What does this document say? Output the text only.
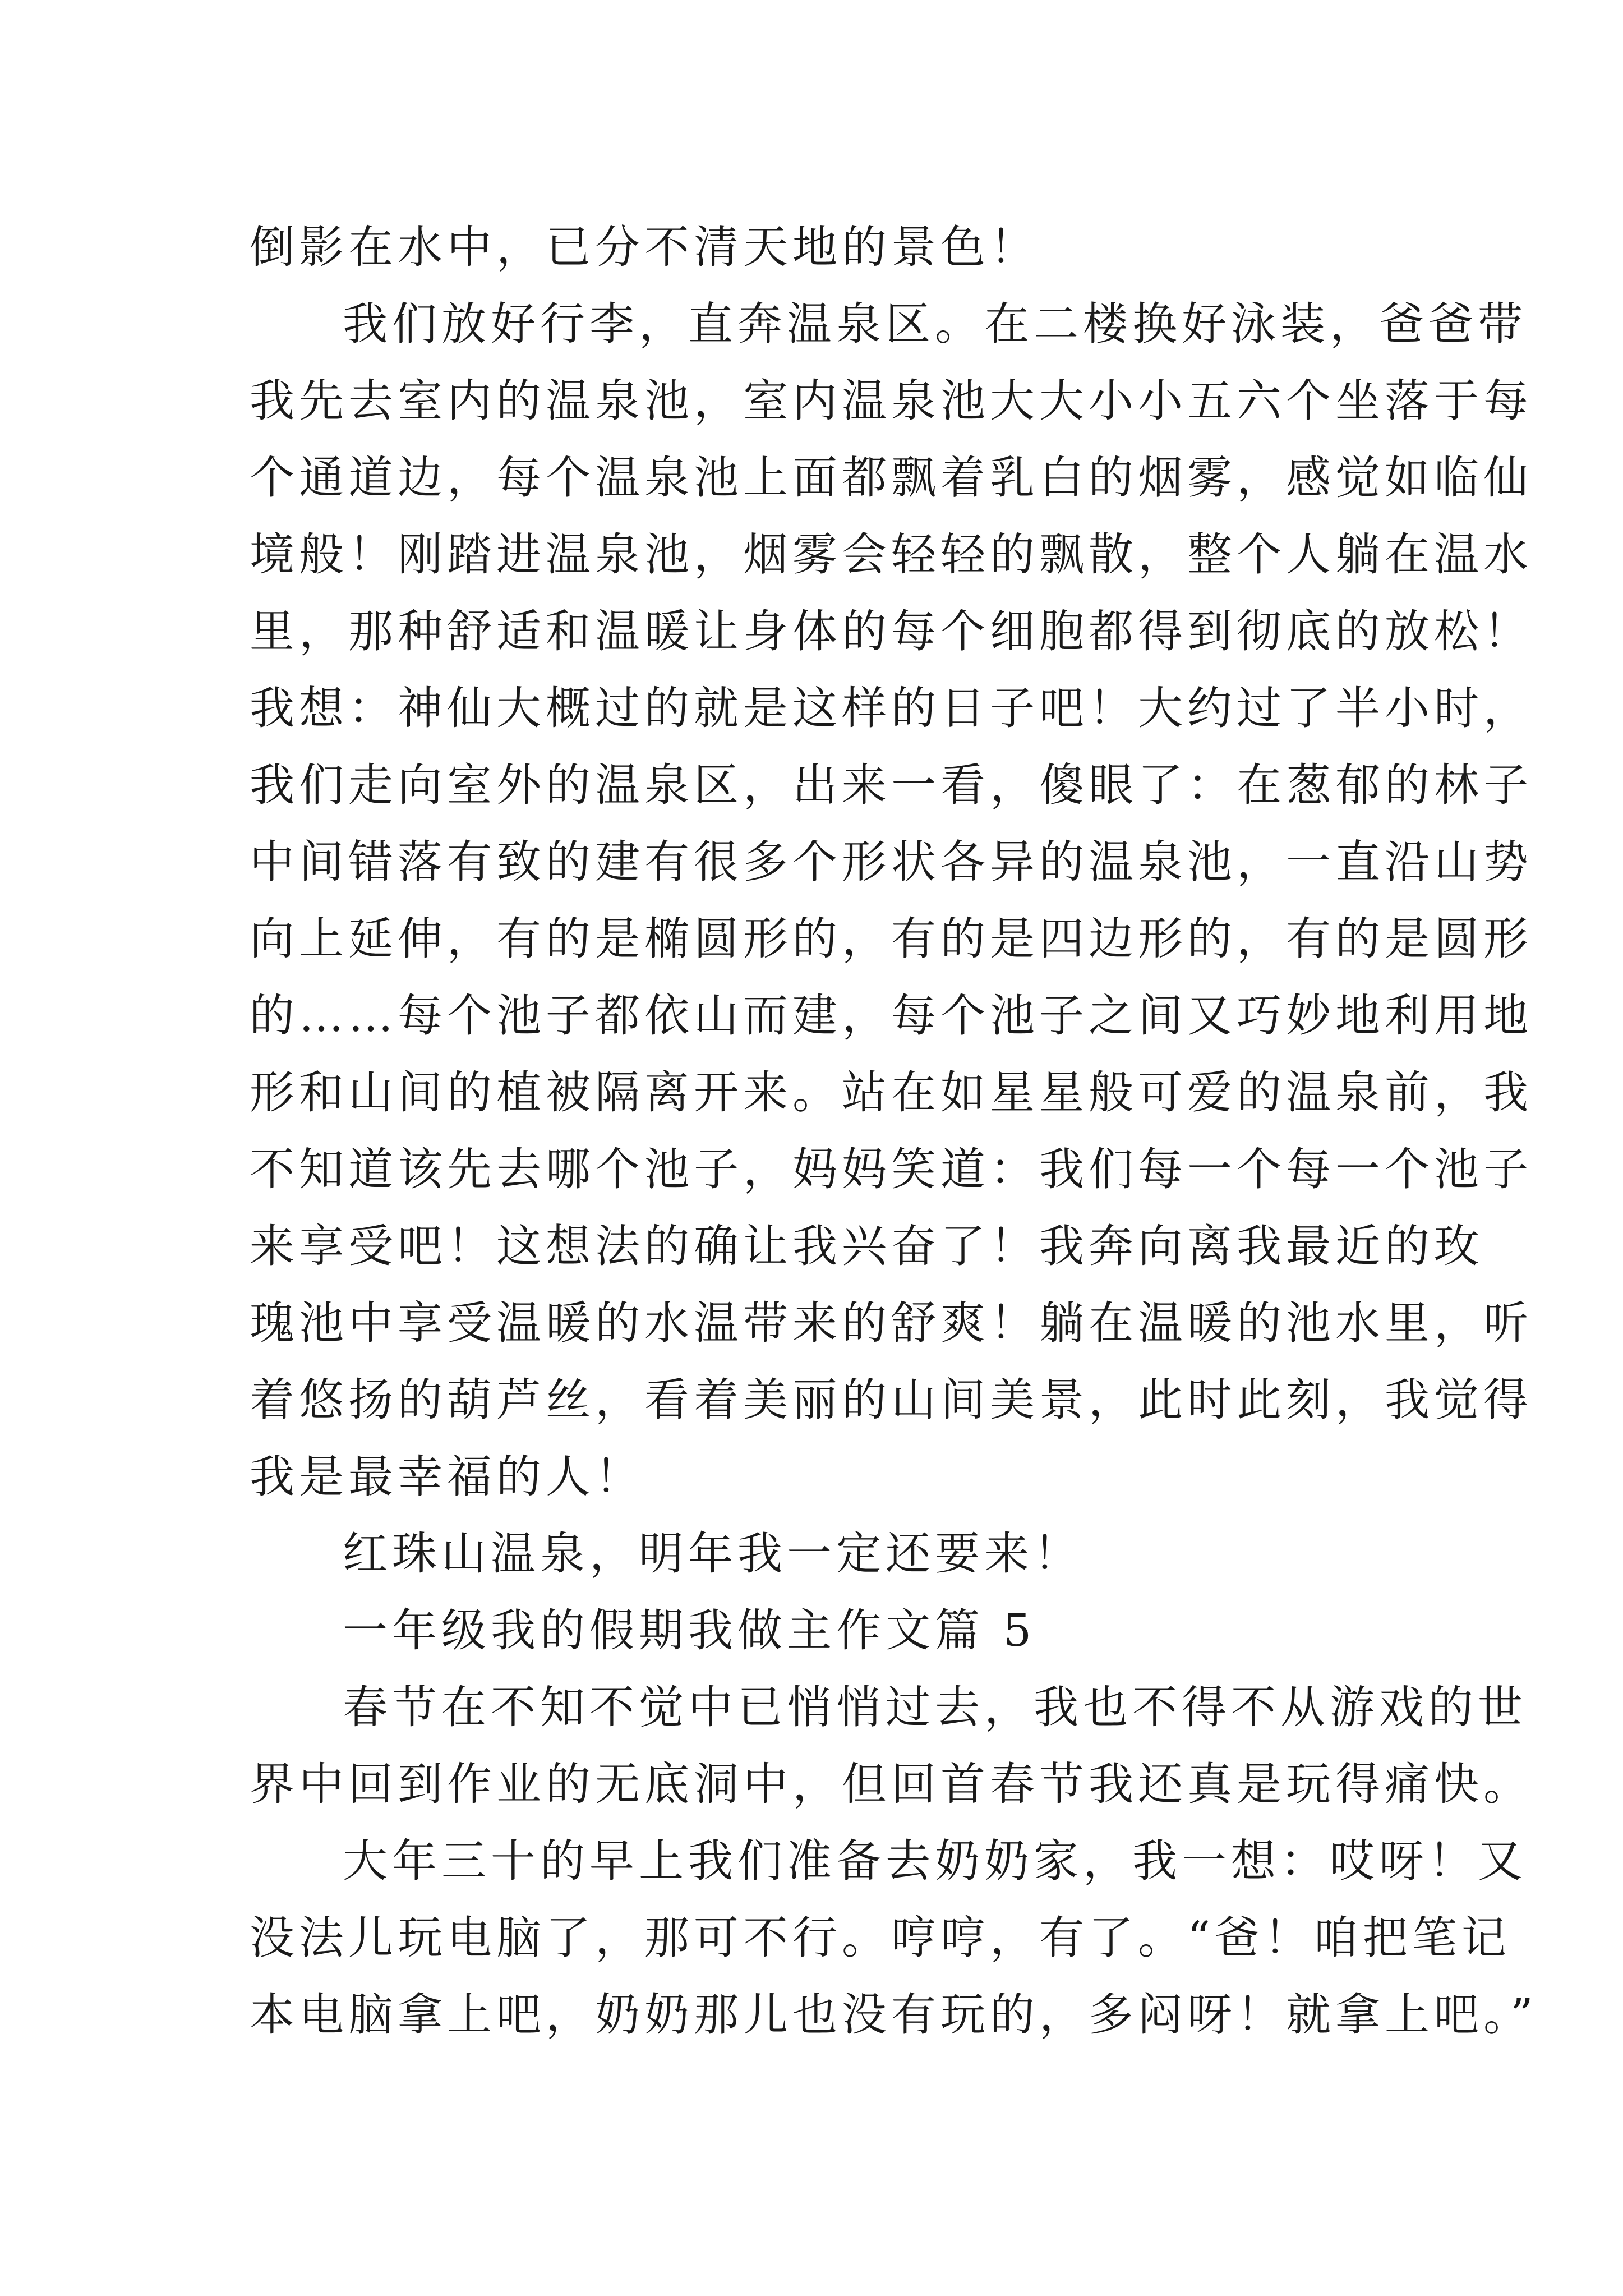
倒影在水中，已分不清天地的景色！
我们放好行李，直奔温泉区。在二楼换好泳装，爸爸带
我先去室内的温泉池，室内温泉池大大小小五六个坐落于每
个通道边，每个温泉池上面都飘着乳白的烟雾，感觉如临仙
境般！刚踏进温泉池，烟雾会轻轻的飘散，整个人躺在温水
里，那种舒适和温暖让身体的每个细胞都得到彻底的放松！
我想：神仙大概过的就是这样的日子吧！大约过了半小时，
我们走向室外的温泉区，出来一看，傻眼了：在葱郁的林子
中间错落有致的建有很多个形状各异的温泉池，一直沿山势
向上延伸，有的是椭圆形的，有的是四边形的，有的是圆形
的……每个池子都依山而建，每个池子之间又巧妙地利用地
形和山间的植被隔离开来。站在如星星般可爱的温泉前，我
不知道该先去哪个池子，妈妈笑道：我们每一个每一个池子
来享受吧！这想法的确让我兴奋了！我奔向离我最近的玫
瑰池中享受温暖的水温带来的舒爽！躺在温暖的池水里，听
着悠扬的葫芦丝，看着美丽的山间美景，此时此刻，我觉得
我是最幸福的人！
红珠山温泉，明年我一定还要来！
一年级我的假期我做主作文篇 5
春节在不知不觉中已悄悄过去，我也不得不从游戏的世
界中回到作业的无底洞中，但回首春节我还真是玩得痛快。
大年三十的早上我们准备去奶奶家，我一想：哎呀！又
没法儿玩电脑了，那可不行。哼哼，有了。“爸！咱把笔记
本电脑拿上吧，奶奶那儿也没有玩的，多闷呀！就拿上吧。”
